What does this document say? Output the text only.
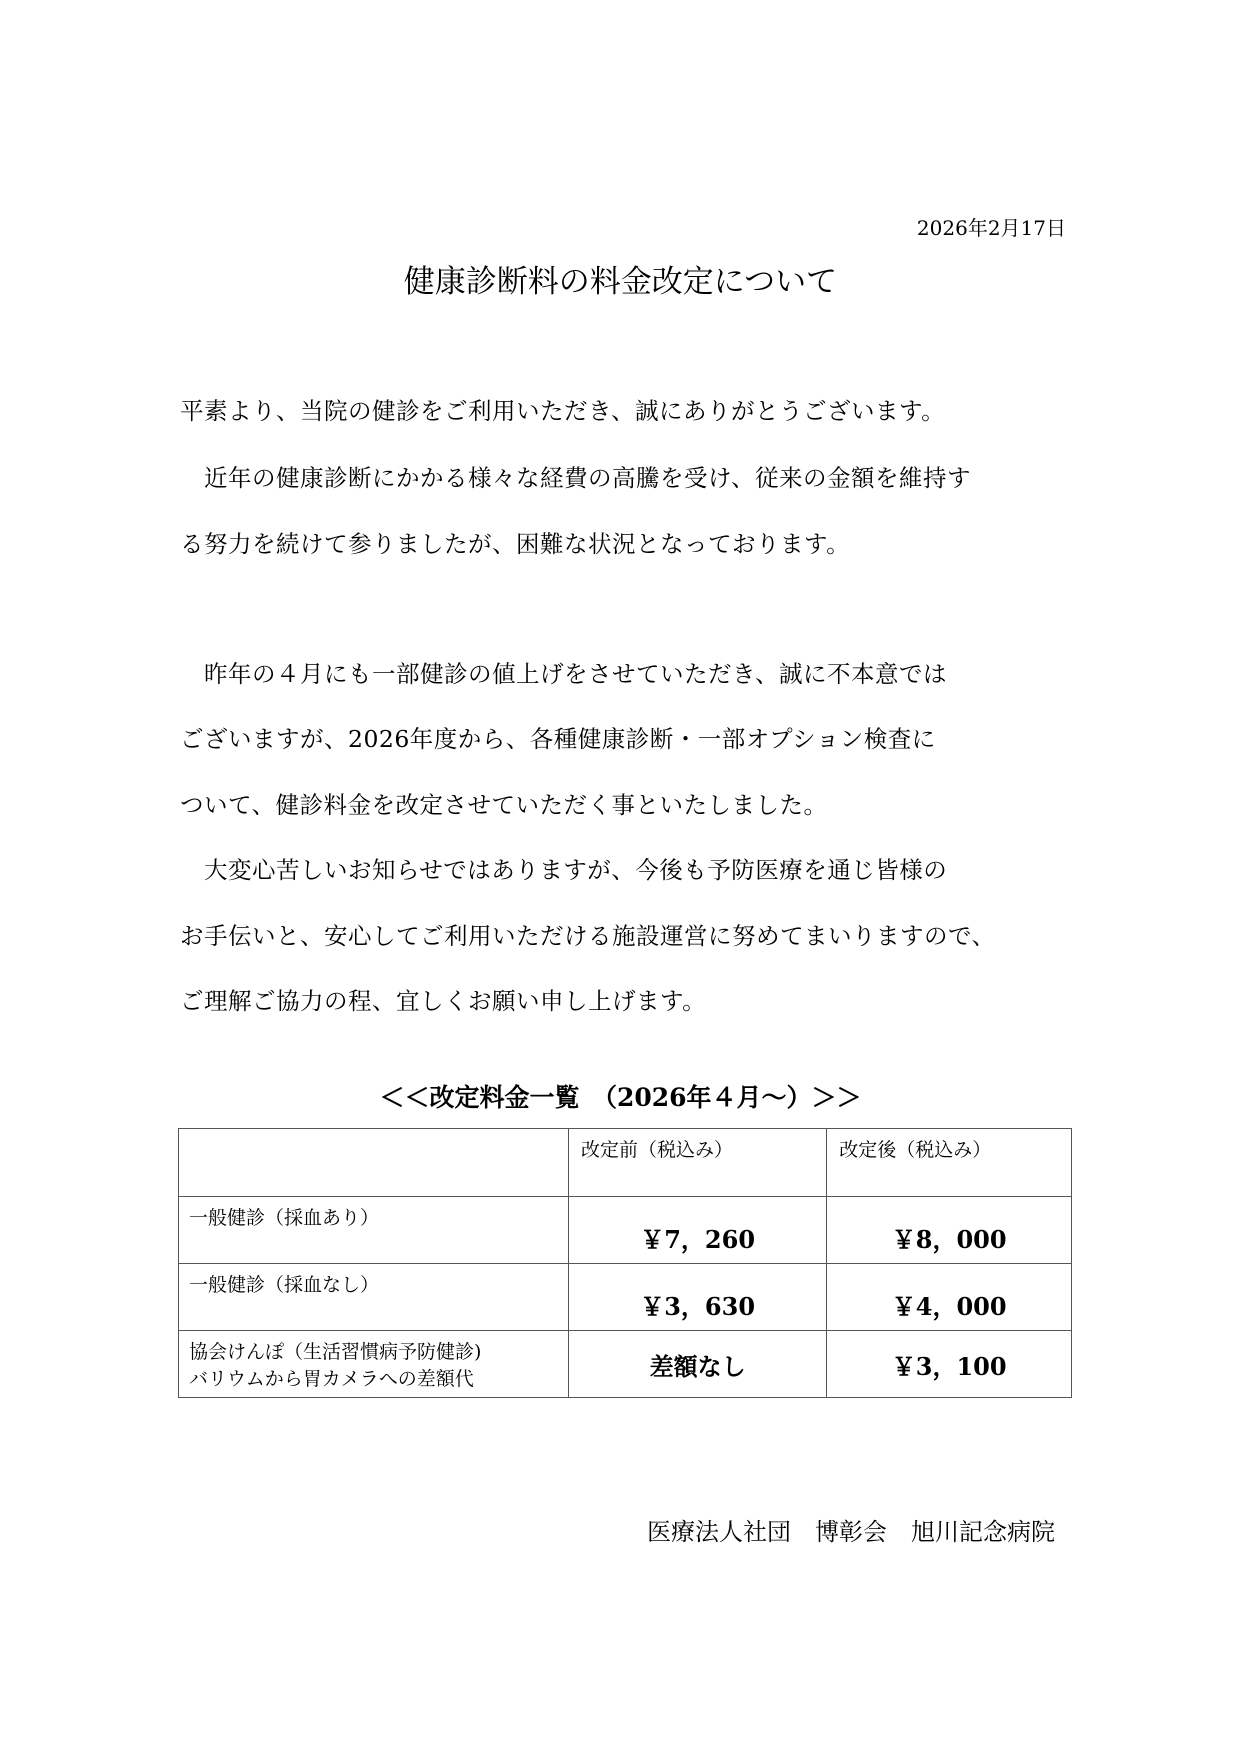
2026年2月17日
健康診断料の料金改定について
平素より、当院の健診をご利用いただき、誠にありがとうございます。
　近年の健康診断にかかる様々な経費の高騰を受け、従来の金額を維持す
る努力を続けて参りましたが、困難な状況となっております。
　昨年の４月にも一部健診の値上げをさせていただき、誠に不本意では
ございますが、2026年度から、各種健康診断・一部オプション検査に
ついて、健診料金を改定させていただく事といたしました。
　大変心苦しいお知らせではありますが、今後も予防医療を通じ皆様の
お手伝いと、安心してご利用いただける施設運営に努めてまいりますので、
ご理解ご協力の程、宜しくお願い申し上げます。
＜＜改定料金一覧　（2026年４月～）＞＞
	改定前（税込み）	改定後（税込み）
一般健診（採血あり）	￥7，260	￥8，000
一般健診（採血なし）	￥3，630	￥4，000

協会けんぽ（生活習慣病予防健診)
バリウムから胃カメラへの差額代	差額なし	￥3，100
医療法人社団　博彰会　旭川記念病院
